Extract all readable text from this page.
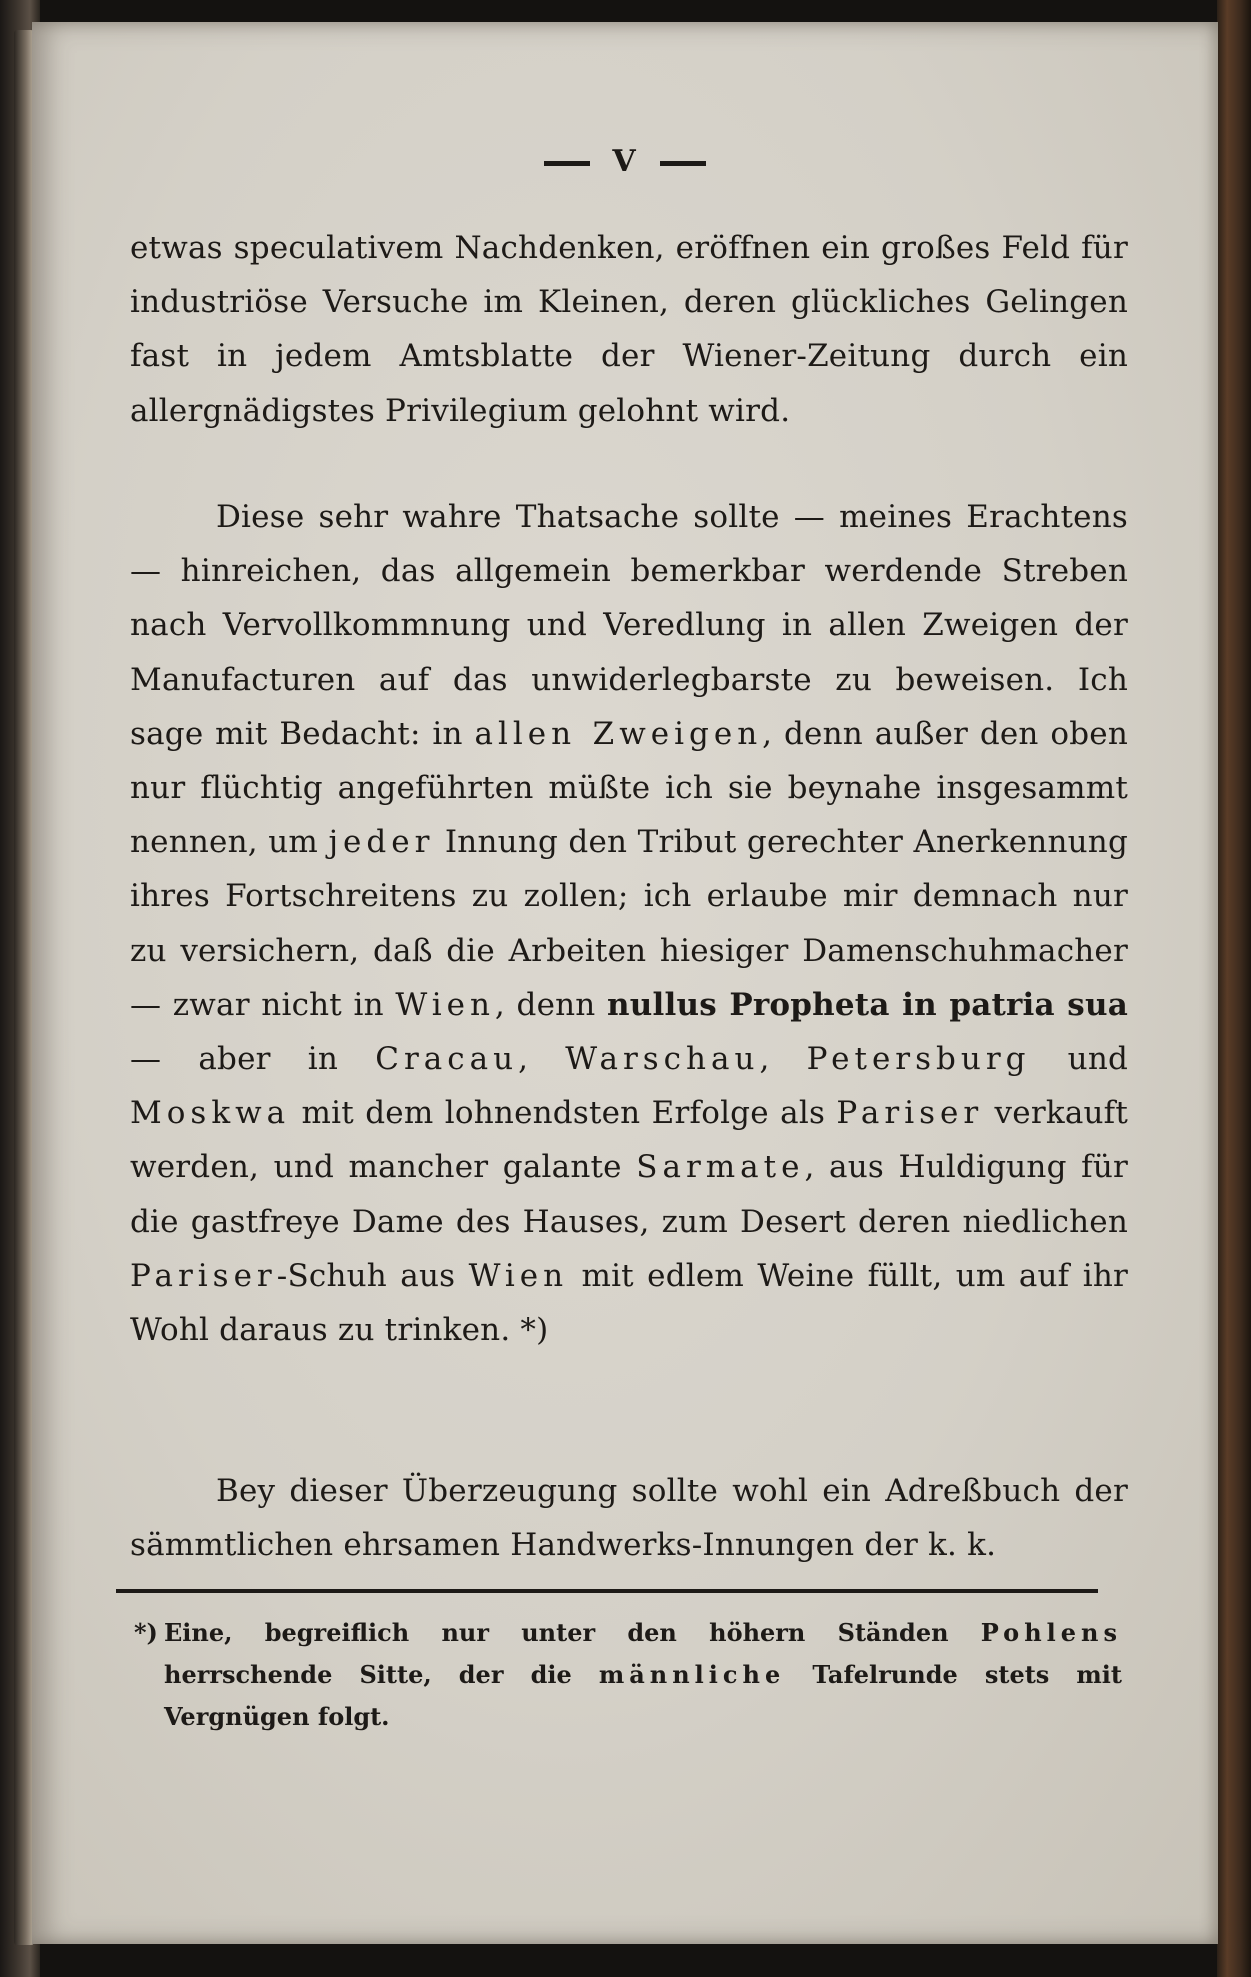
V

etwas speculativem Nachdenken, eröffnen ein großes Feld für industriöse Versuche im Kleinen, deren glückliches Gelingen fast in jedem Amtsblatte der Wiener-Zeitung durch ein allergnädigstes Privilegium gelohnt wird.

Diese sehr wahre Thatsache sollte — meines Erachtens — hinreichen, das allgemein bemerkbar werdende Streben nach Vervollkommnung und Veredlung in allen Zweigen der Manufacturen auf das unwiderlegbarste zu beweisen. Ich sage mit Bedacht: in allen Zweigen, denn außer den oben nur flüchtig angeführten müßte ich sie beynahe insgesammt nennen, um jeder Innung den Tribut gerechter Anerkennung ihres Fortschreitens zu zollen; ich erlaube mir demnach nur zu versichern, daß die Arbeiten hiesiger Damenschuhmacher — zwar nicht in Wien, denn nullus Propheta in patria sua — aber in Cracau, Warschau, Petersburg und Moskwa mit dem lohnendsten Erfolge als Pariser verkauft werden, und mancher galante Sarmate, aus Huldigung für die gastfreye Dame des Hauses, zum Desert deren niedlichen Pariser-Schuh aus Wien mit edlem Weine füllt, um auf ihr Wohl daraus zu trinken. *)

Bey dieser Überzeugung sollte wohl ein Adreßbuch der sämmtlichen ehrsamen Handwerks-Innungen der k. k.

*) Eine, begreiflich nur unter den höhern Ständen Pohlens herrschende Sitte, der die männliche Tafelrunde stets mit Vergnügen folgt.
